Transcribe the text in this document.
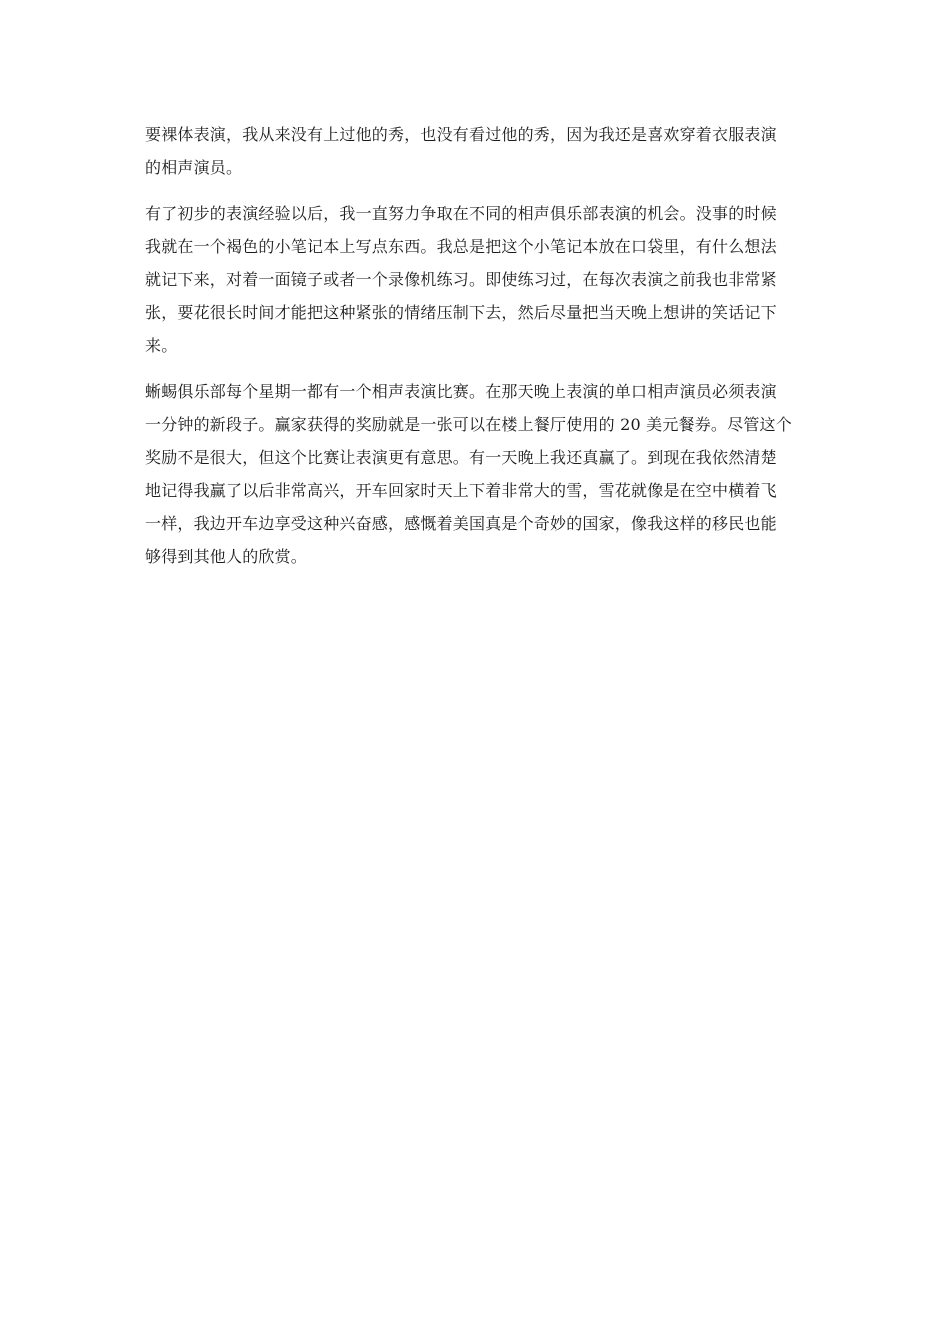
要裸体表演，我从来没有上过他的秀，也没有看过他的秀，因为我还是喜欢穿着衣服表演
的相声演员。

有了初步的表演经验以后，我一直努力争取在不同的相声俱乐部表演的机会。没事的时候
我就在一个褐色的小笔记本上写点东西。我总是把这个小笔记本放在口袋里，有什么想法
就记下来，对着一面镜子或者一个录像机练习。即使练习过，在每次表演之前我也非常紧
张，要花很长时间才能把这种紧张的情绪压制下去，然后尽量把当天晚上想讲的笑话记下
来。

蜥蜴俱乐部每个星期一都有一个相声表演比赛。在那天晚上表演的单口相声演员必须表演
一分钟的新段子。赢家获得的奖励就是一张可以在楼上餐厅使用的 20 美元餐券。尽管这个
奖励不是很大，但这个比赛让表演更有意思。有一天晚上我还真赢了。到现在我依然清楚
地记得我赢了以后非常高兴，开车回家时天上下着非常大的雪，雪花就像是在空中横着飞
一样，我边开车边享受这种兴奋感，感慨着美国真是个奇妙的国家，像我这样的移民也能
够得到其他人的欣赏。
